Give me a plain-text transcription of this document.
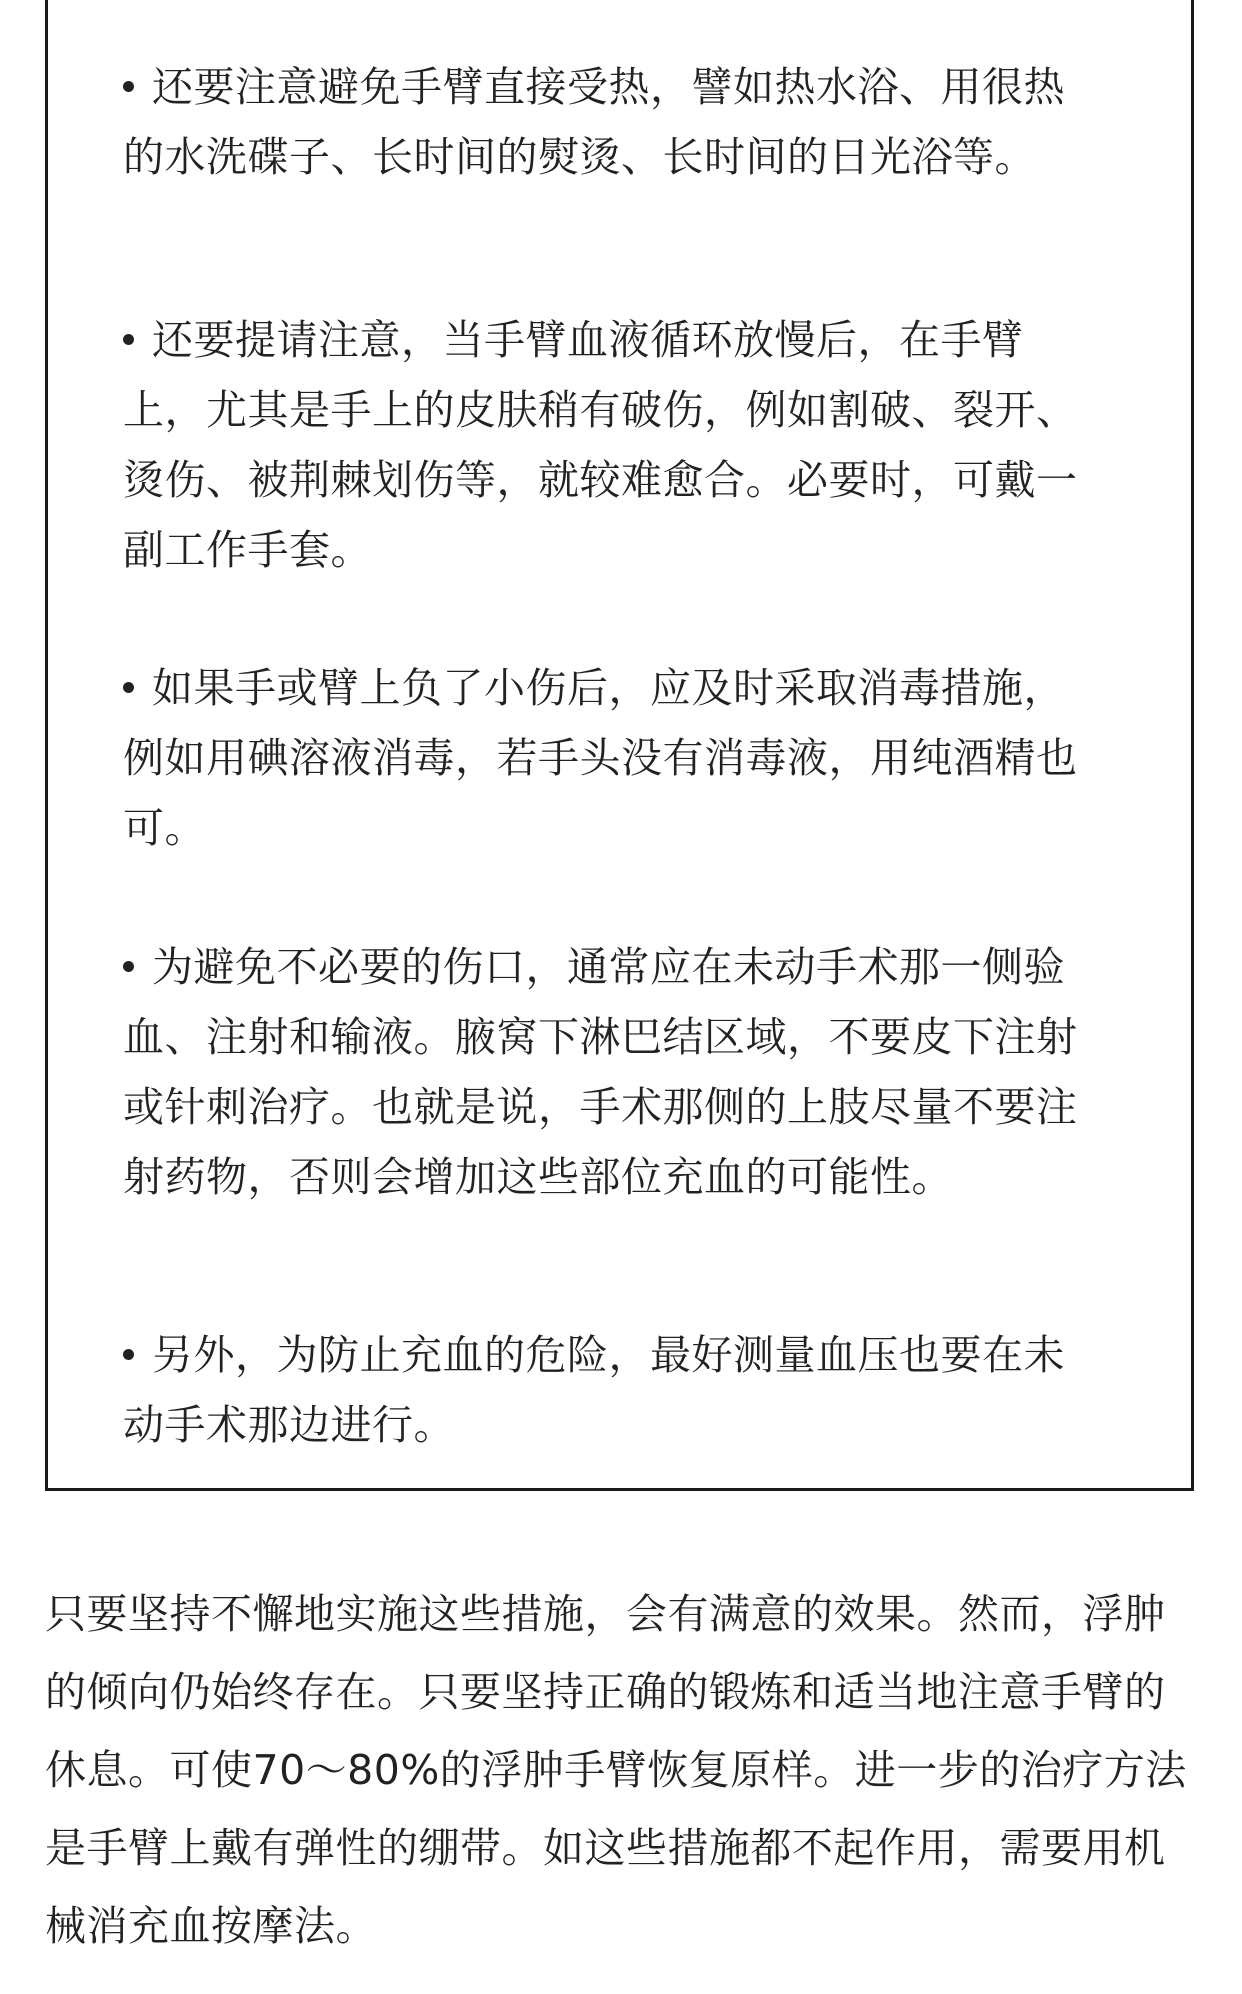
还要注意避免手臂直接受热，譬如热水浴、用很热的水洗碟子、长时间的熨烫、长时间的日光浴等。

还要提请注意，当手臂血液循环放慢后，在手臂上，尤其是手上的皮肤稍有破伤，例如割破、裂开、烫伤、被荆棘划伤等，就较难愈合。必要时，可戴一副工作手套。

如果手或臂上负了小伤后，应及时采取消毒措施，例如用碘溶液消毒，若手头没有消毒液，用纯酒精也可。

为避免不必要的伤口，通常应在未动手术那一侧验血、注射和输液。腋窝下淋巴结区域，不要皮下注射或针刺治疗。也就是说，手术那侧的上肢尽量不要注射药物，否则会增加这些部位充血的可能性。

另外，为防止充血的危险，最好测量血压也要在未动手术那边进行。

只要坚持不懈地实施这些措施，会有满意的效果。然而，浮肿的倾向仍始终存在。只要坚持正确的锻炼和适当地注意手臂的休息。可使70～80%的浮肿手臂恢复原样。进一步的治疗方法是手臂上戴有弹性的绷带。如这些措施都不起作用，需要用机械消充血按摩法。
